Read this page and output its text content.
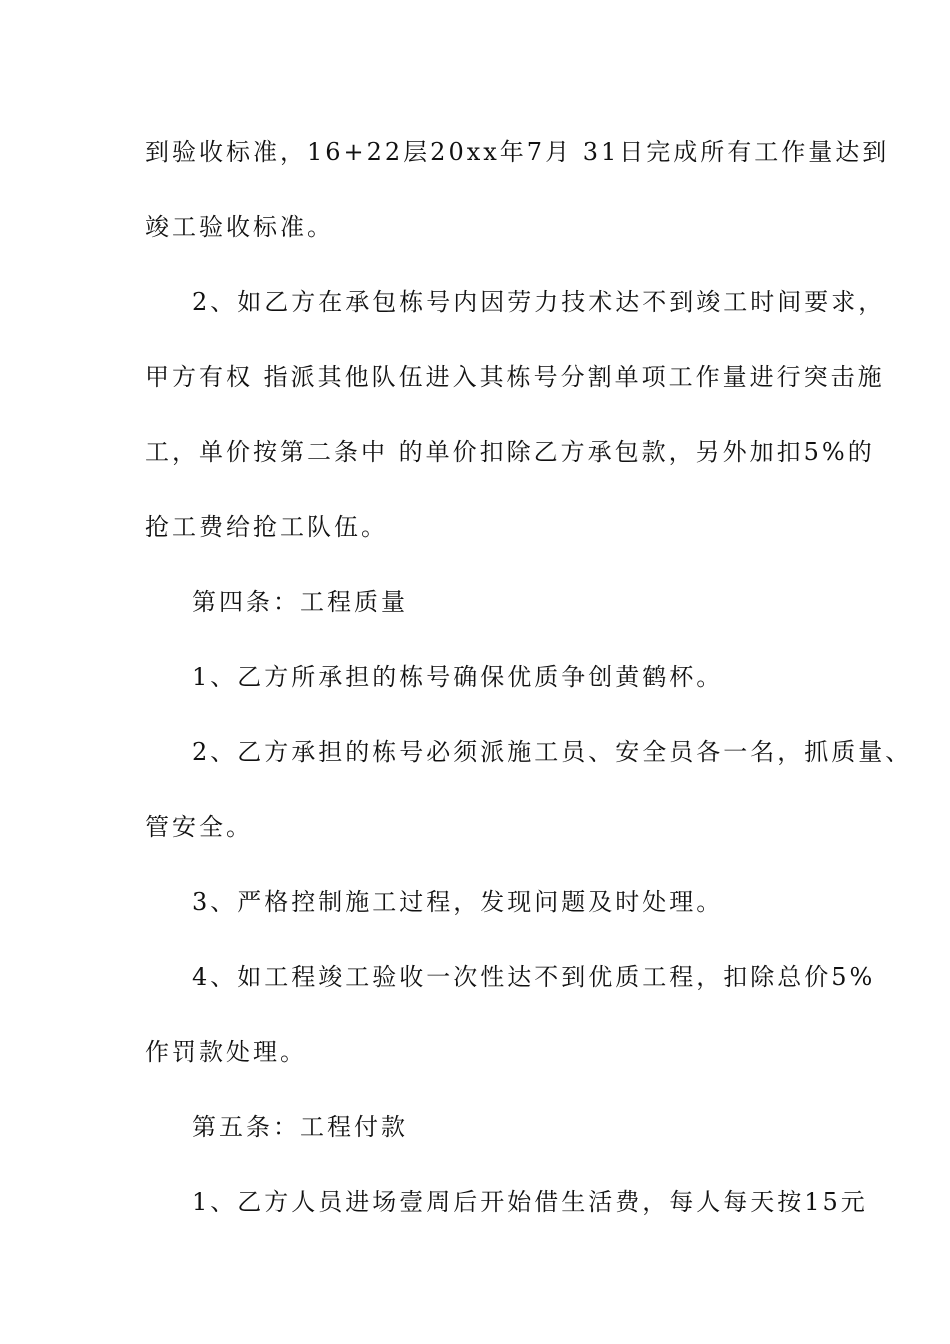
到验收标准，16+22层20xx年7月 31日完成所有工作量达到
竣工验收标准。
2、如乙方在承包栋号内因劳力技术达不到竣工时间要求，
甲方有权 指派其他队伍进入其栋号分割单项工作量进行突击施
工，单价按第二条中 的单价扣除乙方承包款，另外加扣5%的
抢工费给抢工队伍。
第四条：工程质量
1、乙方所承担的栋号确保优质争创黄鹤杯。
2、乙方承担的栋号必须派施工员、安全员各一名，抓质量、
管安全。
3、严格控制施工过程，发现问题及时处理。
4、如工程竣工验收一次性达不到优质工程，扣除总价5%
作罚款处理。
第五条：工程付款
1、乙方人员进场壹周后开始借生活费，每人每天按15元
